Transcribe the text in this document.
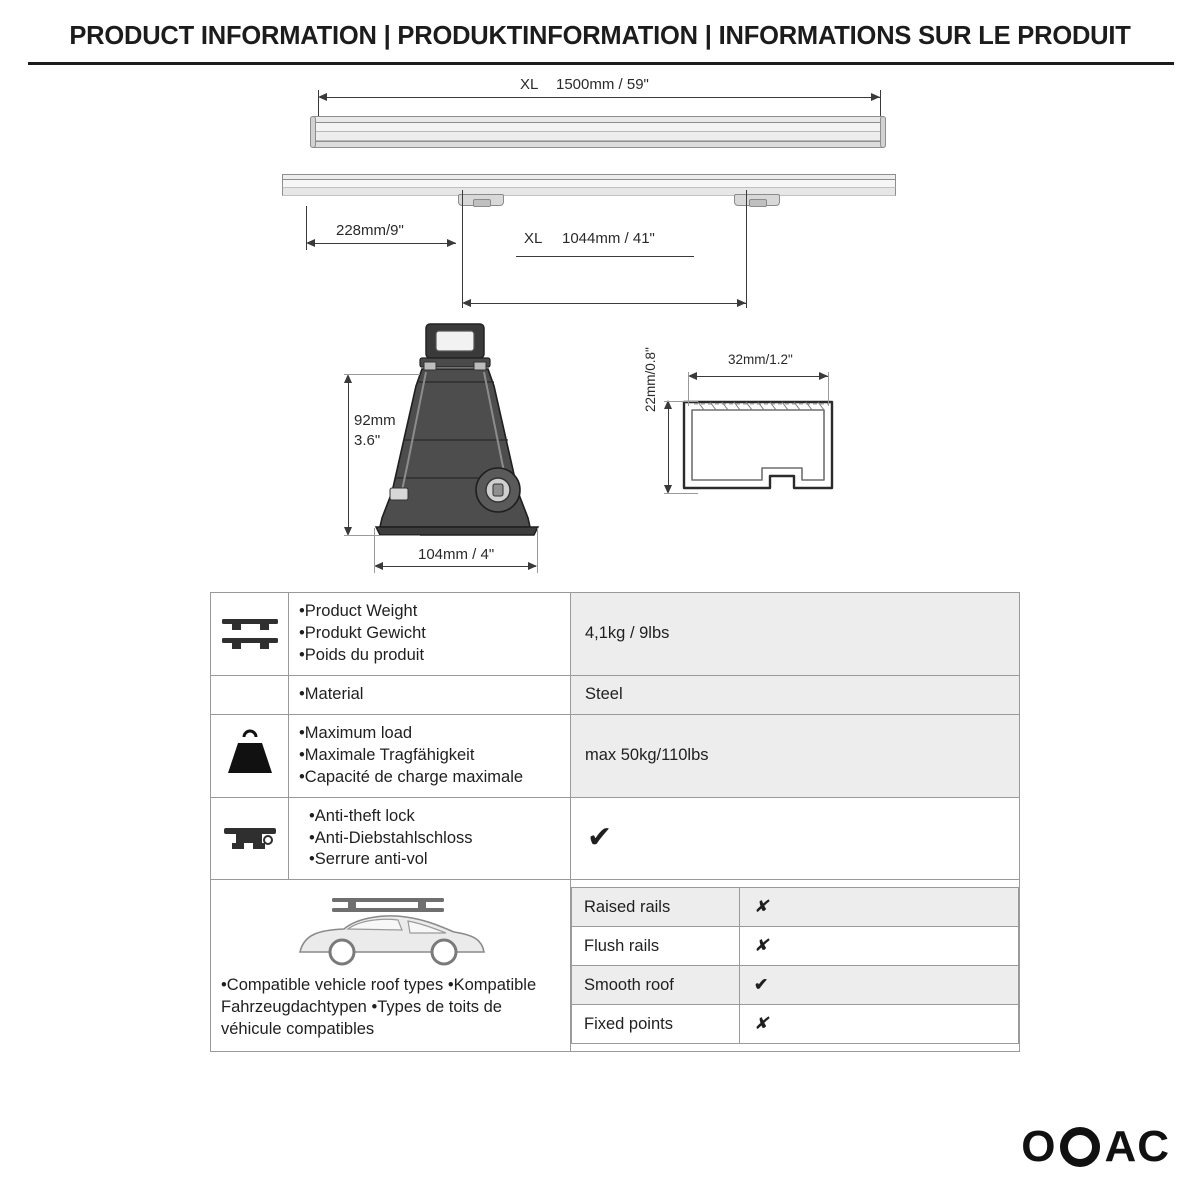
PRODUCT INFORMATION | PRODUKTINFORMATION | INFORMATIONS SUR LE PRODUIT
XL 1500mm / 59"
228mm/9"	XL 1044mm / 41"
92mm
3.6"
104mm / 4"
32mm/1.2"
22mm/0.8"

•Product Weight
•Produkt Gewicht
•Poids du produit
	4,1kg / 9lbs

•Material	Steel

•Maximum load
•Maximale Tragfähigkeit
•Capacité de charge maximale
	max 50kg/110lbs

•Anti-theft lock
•Anti-Diebstahlschloss
•Serrure anti-vol
	✔

•Compatible vehicle roof types •Kompatible Fahrzeugdachtypen •Types de toits de véhicule compatibles

Raised rails	✘
Flush rails	✘
Smooth roof	✔
Fixed points	✘
O AC
